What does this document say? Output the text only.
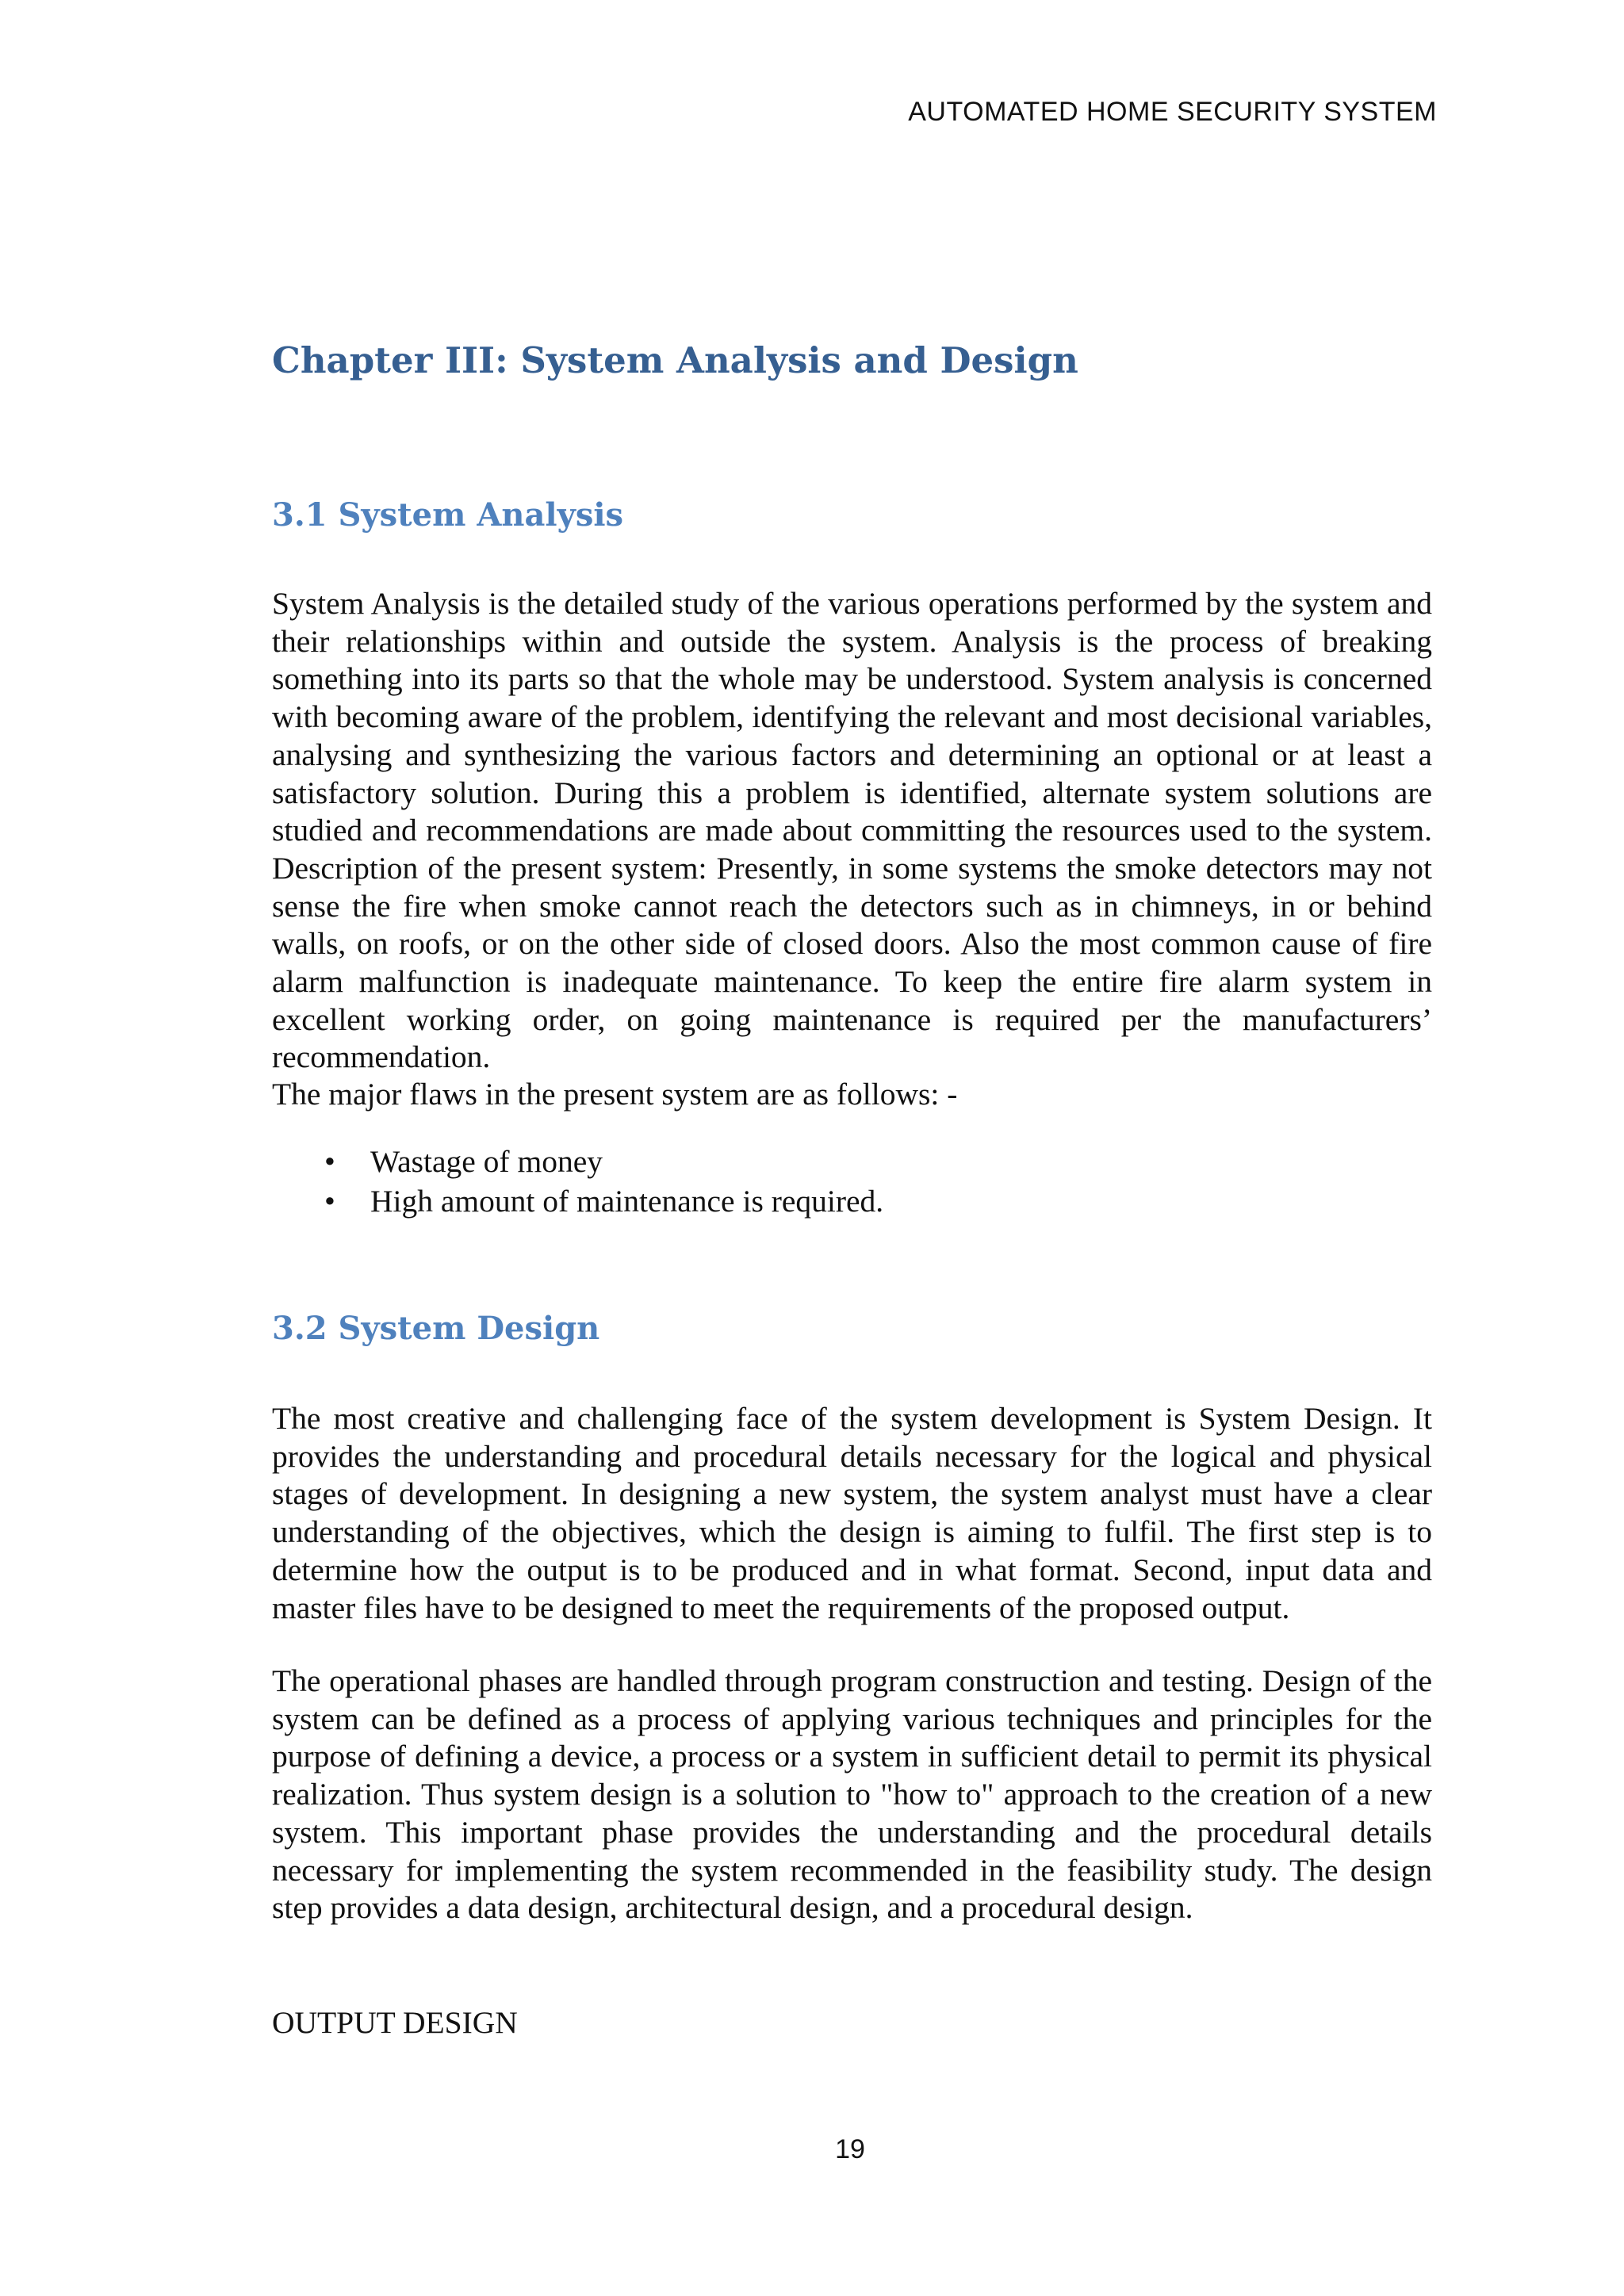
AUTOMATED HOME SECURITY SYSTEM
Chapter III: System Analysis and Design
3.1 System Analysis

System Analysis is the detailed study of the various operations performed by the system and their relationships within and outside the system. Analysis is the process of breaking something into its parts so that the whole may be understood. System analysis is concerned with becoming aware of the problem, identifying the relevant and most decisional variables, analysing and synthesizing the various factors and determining an optional or at least a satisfactory solution. During this a problem is identified, alternate system solutions are studied and recommendations are made about committing the resources used to the system. Description of the present system: Presently, in some systems the smoke detectors may not sense the fire when smoke cannot reach the detectors such as in chimneys, in or behind walls, on roofs, or on the other side of closed doors. Also the most common cause of fire alarm malfunction is inadequate maintenance. To keep the entire fire alarm system in excellent working order, on going maintenance is required per the manufacturers’ recommendation.

The major flaws in the present system are as follows: -

• Wastage of money
• High amount of maintenance is required.
3.2 System Design

The most creative and challenging face of the system development is System Design. It provides the understanding and procedural details necessary for the logical and physical stages of development. In designing a new system, the system analyst must have a clear understanding of the objectives, which the design is aiming to fulfil. The first step is to determine how the output is to be produced and in what format. Second, input data and master files have to be designed to meet the requirements of the proposed output.

The operational phases are handled through program construction and testing. Design of the system can be defined as a process of applying various techniques and principles for the purpose of defining a device, a process or a system in sufficient detail to permit its physical realization. Thus system design is a solution to "how to" approach to the creation of a new system. This important phase provides the understanding and the procedural details necessary for implementing the system recommended in the feasibility study. The design step provides a data design, architectural design, and a procedural design.

OUTPUT DESIGN

19
